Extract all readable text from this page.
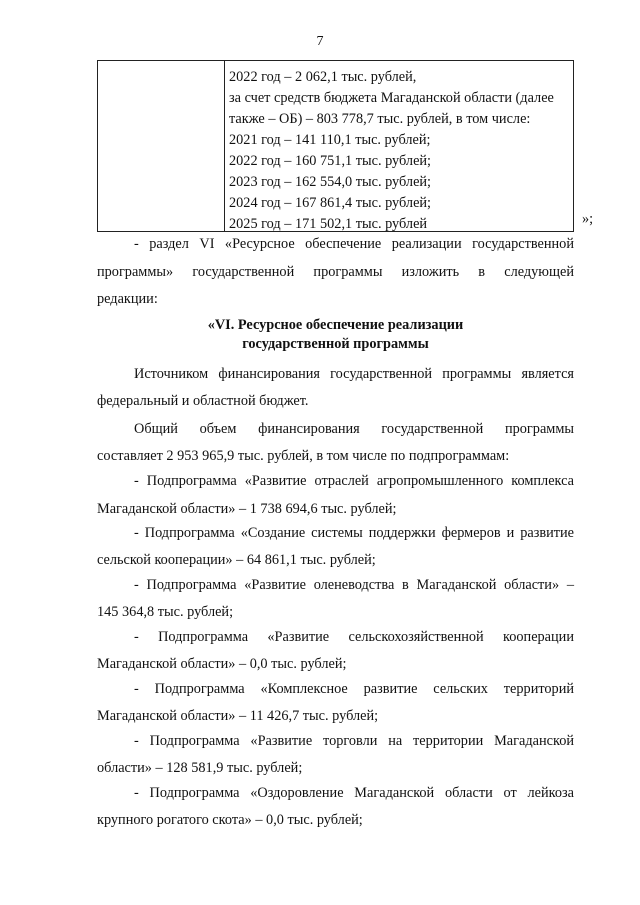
7
2022 год – 2 062,1 тыс. рублей,
за счет средств бюджета Магаданской области (далее
также – ОБ) – 803 778,7 тыс. рублей, в том числе:
2021 год – 141 110,1 тыс. рублей;
2022 год – 160 751,1 тыс. рублей;
2023 год – 162 554,0 тыс. рублей;
2024 год – 167 861,4 тыс. рублей;
2025 год – 171 502,1 тыс. рублей	»;
- раздел VI «Ресурсное обеспечение реализации государственной
программы» государственной программы изложить в следующей
редакции:
«VI. Ресурсное обеспечение реализации
государственной программы
Источником финансирования государственной программы является
федеральный и областной бюджет.
Общий объем финансирования государственной программы
составляет 2 953 965,9 тыс. рублей, в том числе по подпрограммам:
- Подпрограмма «Развитие отраслей агропромышленного комплекса
Магаданской области» – 1 738 694,6 тыс. рублей;
- Подпрограмма «Создание системы поддержки фермеров и развитие
сельской кооперации» – 64 861,1 тыс. рублей;
- Подпрограмма «Развитие оленеводства в Магаданской области» –
145 364,8 тыс. рублей;
- Подпрограмма «Развитие сельскохозяйственной кооперации
Магаданской области» – 0,0 тыс. рублей;
- Подпрограмма «Комплексное развитие сельских территорий
Магаданской области» – 11 426,7 тыс. рублей;
- Подпрограмма «Развитие торговли на территории Магаданской
области» – 128 581,9 тыс. рублей;
- Подпрограмма «Оздоровление Магаданской области от лейкоза
крупного рогатого скота» – 0,0 тыс. рублей;
